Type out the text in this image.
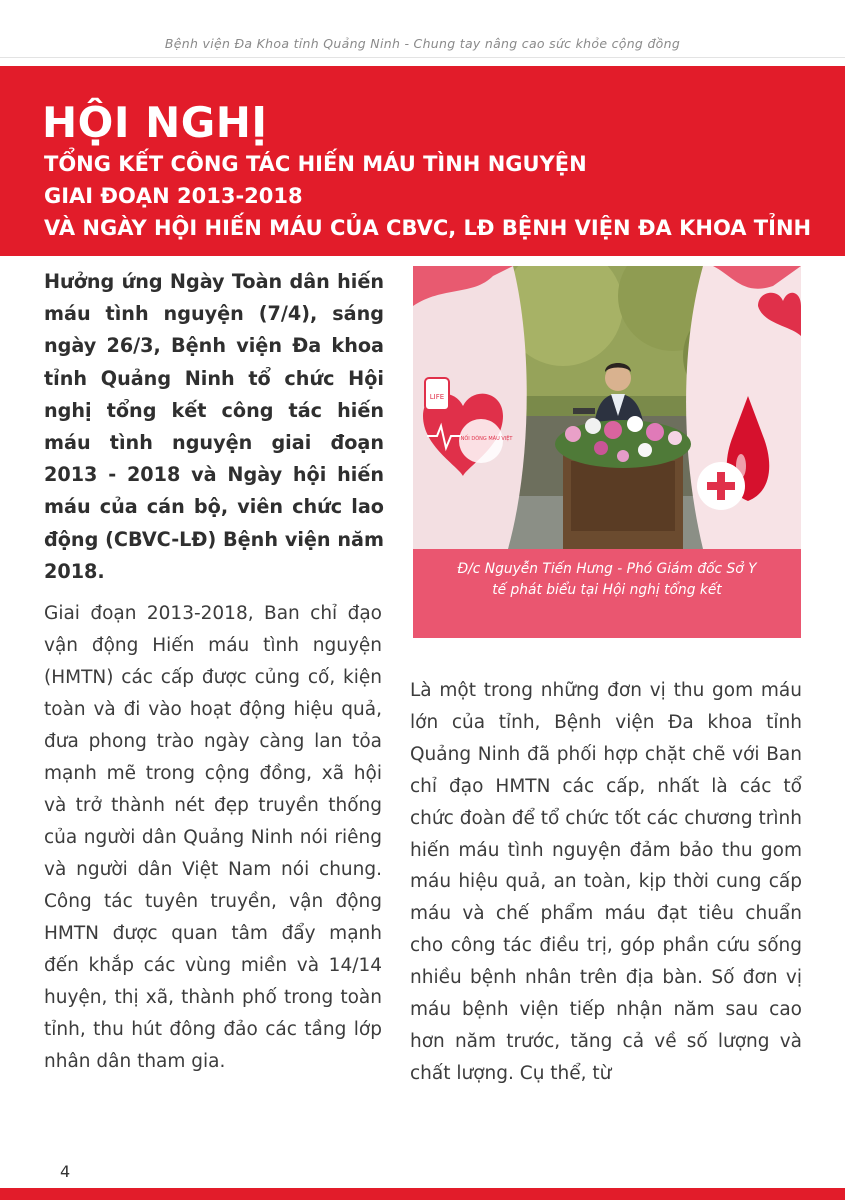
Bệnh viện Đa Khoa tỉnh Quảng Ninh - Chung tay nâng cao sức khỏe cộng đồng
HỘI NGHỊ
TỔNG KẾT CÔNG TÁC HIẾN MÁU TÌNH NGUYỆN
GIAI ĐOẠN 2013-2018
VÀ NGÀY HỘI HIẾN MÁU CỦA CBVC, LĐ BỆNH VIỆN ĐA KHOA TỈNH
Hưởng ứng Ngày Toàn dân hiến máu tình nguyện (7/4), sáng ngày 26/3, Bệnh viện Đa khoa tỉnh Quảng Ninh tổ chức Hội nghị tổng kết công tác hiến máu tình nguyện giai đoạn 2013 - 2018 và Ngày hội hiến máu của cán bộ, viên chức lao động (CBVC-LĐ) Bệnh viện năm 2018.
Giai đoạn 2013-2018, Ban chỉ đạo vận động Hiến máu tình nguyện (HMTN) các cấp được củng cố, kiện toàn và đi vào hoạt động hiệu quả, đưa phong trào ngày càng lan tỏa mạnh mẽ trong cộng đồng, xã hội và trở thành nét đẹp truyền thống của người dân Quảng Ninh nói riêng và người dân Việt Nam nói chung. Công tác tuyên truyền, vận động HMTN được quan tâm đẩy mạnh đến khắp các vùng miền và 14/14 huyện, thị xã, thành phố trong toàn tỉnh, thu hút đông đảo các tầng lớp nhân dân tham gia.
LIFE
KẾT NỐI DÒNG MÁU VIỆT
Đ/c Nguyễn Tiến Hưng - Phó Giám đốc Sở Y
tế phát biểu tại Hội nghị tổng kết
Là một trong những đơn vị thu gom máu lớn của tỉnh, Bệnh viện Đa khoa tỉnh Quảng Ninh đã phối hợp chặt chẽ với Ban chỉ đạo HMTN các cấp, nhất là các tổ chức đoàn để tổ chức tốt các chương trình hiến máu tình nguyện đảm bảo thu gom máu hiệu quả, an toàn, kịp thời cung cấp máu và chế phẩm máu đạt tiêu chuẩn cho công tác điều trị, góp phần cứu sống nhiều bệnh nhân trên địa bàn. Số đơn vị máu bệnh viện tiếp nhận năm sau cao hơn năm trước, tăng cả về số lượng và chất lượng. Cụ thể, từ
4
